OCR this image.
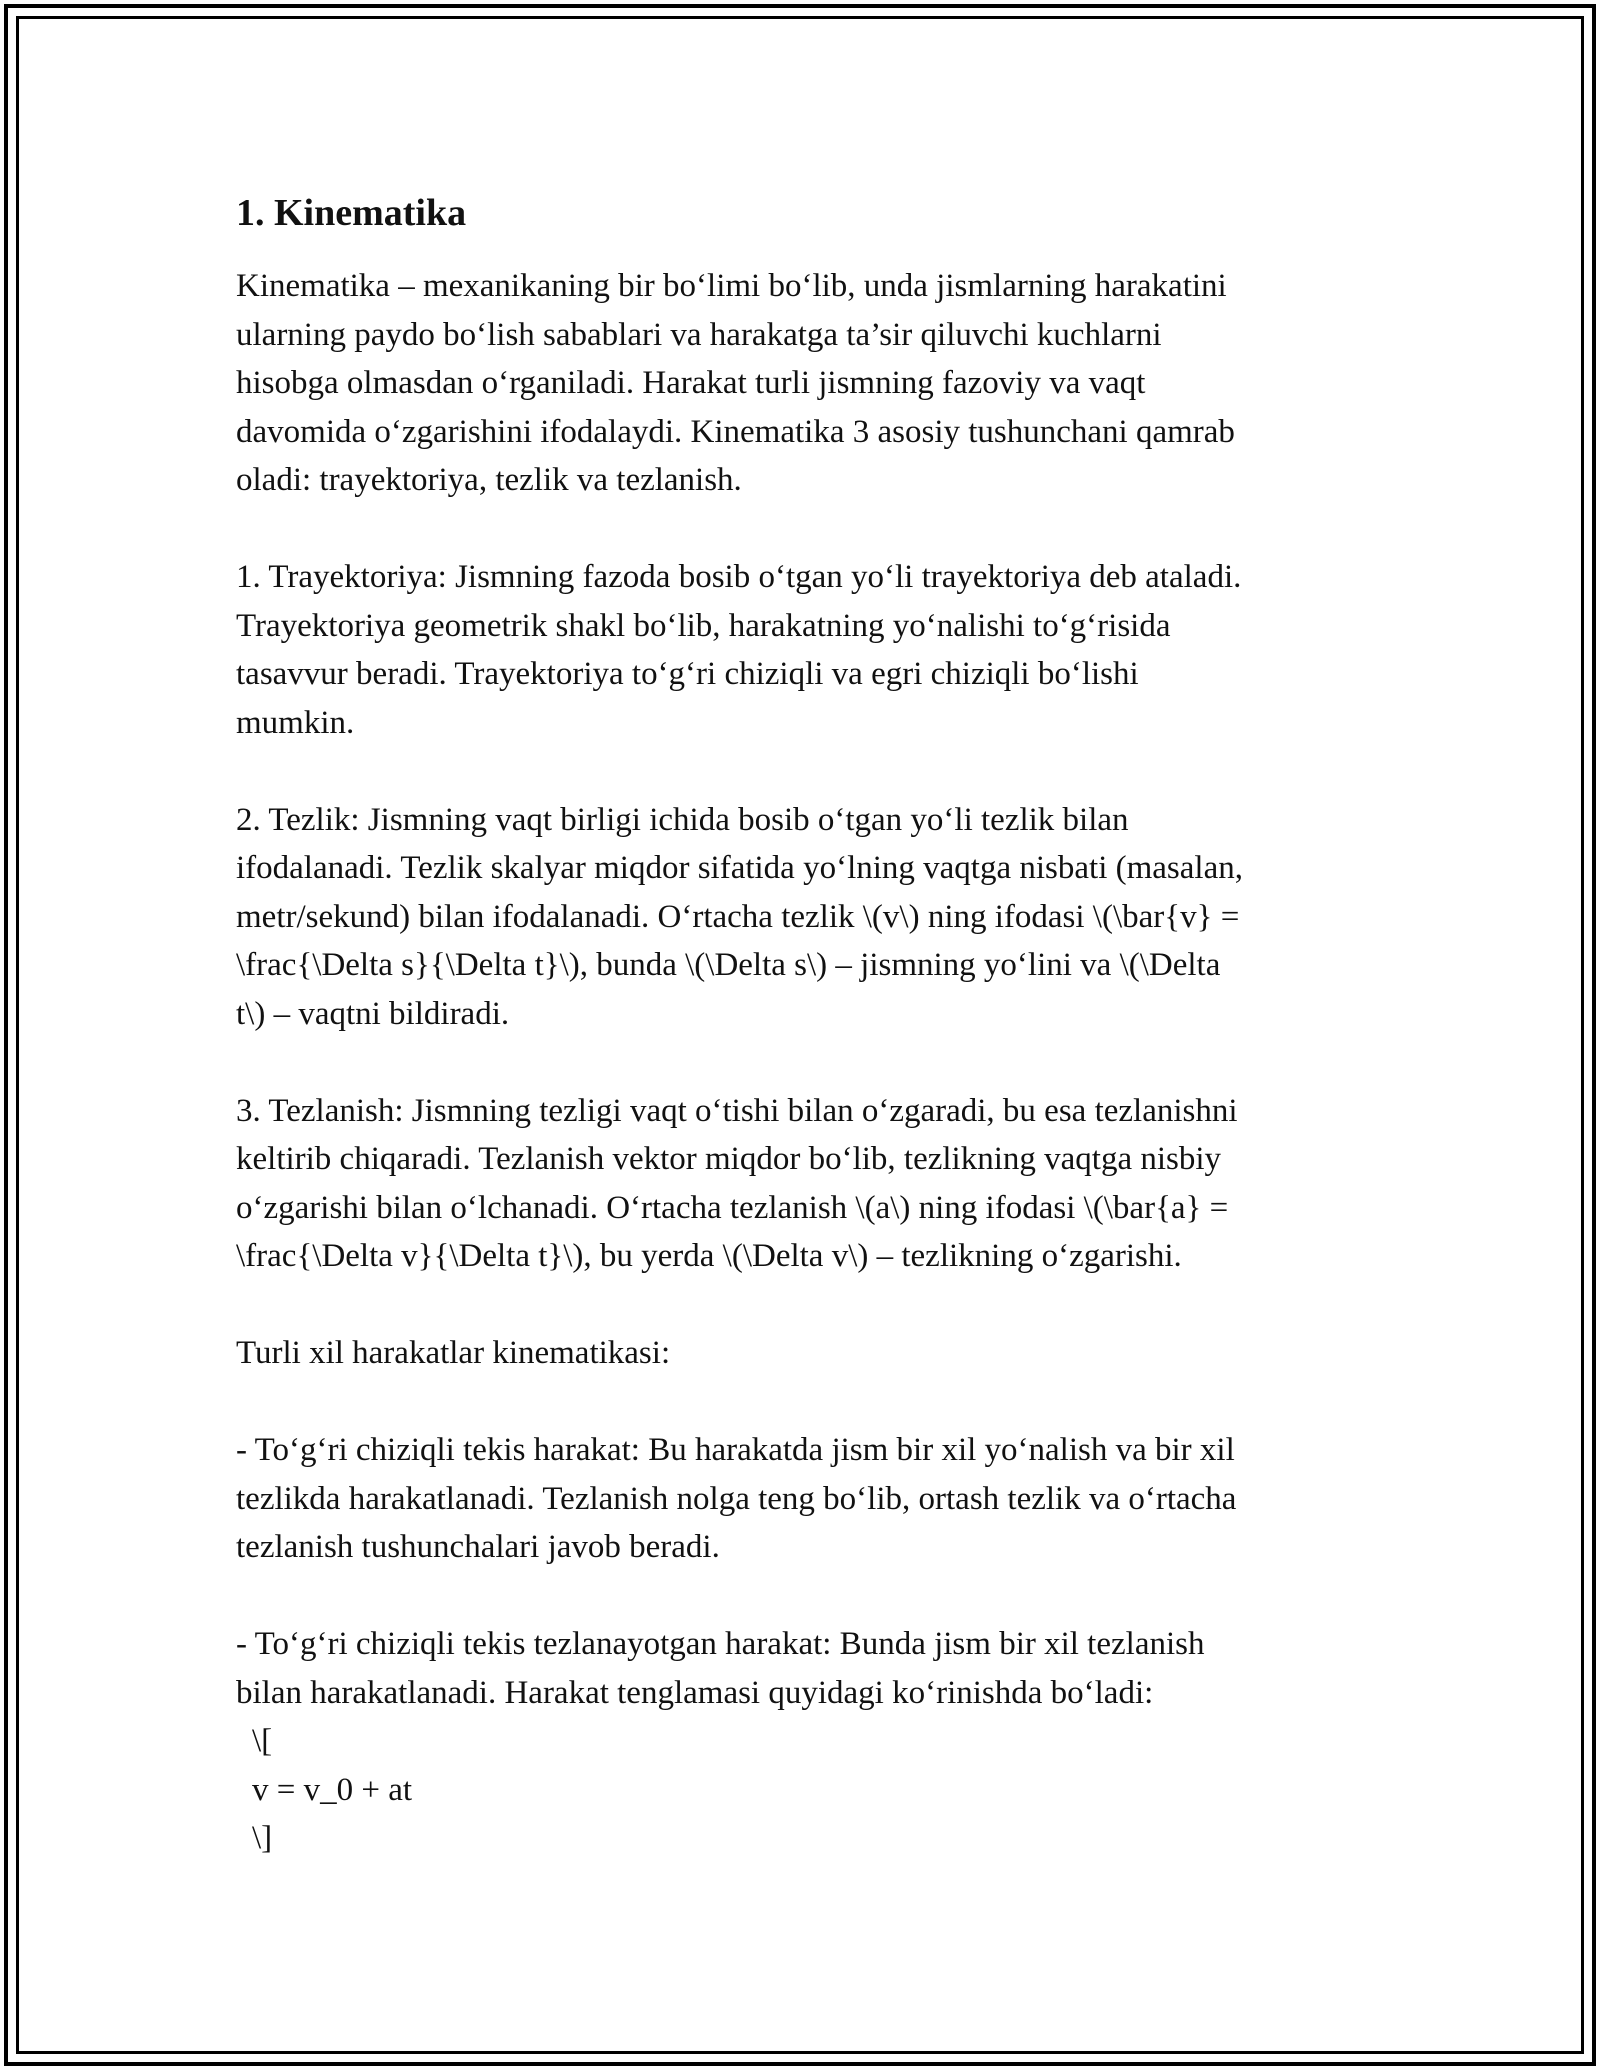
1. Kinematika

Kinematika – mexanikaning bir bo‘limi bo‘lib, unda jismlarning harakatini
ularning paydo bo‘lish sabablari va harakatga ta’sir qiluvchi kuchlarni
hisobga olmasdan o‘rganiladi. Harakat turli jismning fazoviy va vaqt
davomida o‘zgarishini ifodalaydi. Kinematika 3 asosiy tushunchani qamrab
oladi: trayektoriya, tezlik va tezlanish.

1. Trayektoriya: Jismning fazoda bosib o‘tgan yo‘li trayektoriya deb ataladi.
Trayektoriya geometrik shakl bo‘lib, harakatning yo‘nalishi to‘g‘risida
tasavvur beradi. Trayektoriya to‘g‘ri chiziqli va egri chiziqli bo‘lishi
mumkin.

2. Tezlik: Jismning vaqt birligi ichida bosib o‘tgan yo‘li tezlik bilan
ifodalanadi. Tezlik skalyar miqdor sifatida yo‘lning vaqtga nisbati (masalan,
metr/sekund) bilan ifodalanadi. O‘rtacha tezlik \(v\) ning ifodasi \(\bar{v} =
\frac{\Delta s}{\Delta t}\), bunda \(\Delta s\) – jismning yo‘lini va \(\Delta
t\) – vaqtni bildiradi.

3. Tezlanish: Jismning tezligi vaqt o‘tishi bilan o‘zgaradi, bu esa tezlanishni
keltirib chiqaradi. Tezlanish vektor miqdor bo‘lib, tezlikning vaqtga nisbiy
o‘zgarishi bilan o‘lchanadi. O‘rtacha tezlanish \(a\) ning ifodasi \(\bar{a} =
\frac{\Delta v}{\Delta t}\), bu yerda \(\Delta v\) – tezlikning o‘zgarishi.

Turli xil harakatlar kinematikasi:

- To‘g‘ri chiziqli tekis harakat: Bu harakatda jism bir xil yo‘nalish va bir xil
tezlikda harakatlanadi. Tezlanish nolga teng bo‘lib, ortash tezlik va o‘rtacha
tezlanish tushunchalari javob beradi.

- To‘g‘ri chiziqli tekis tezlanayotgan harakat: Bunda jism bir xil tezlanish
bilan harakatlanadi. Harakat tenglamasi quyidagi ko‘rinishda bo‘ladi:

\[

v = v_0 + at

\]
